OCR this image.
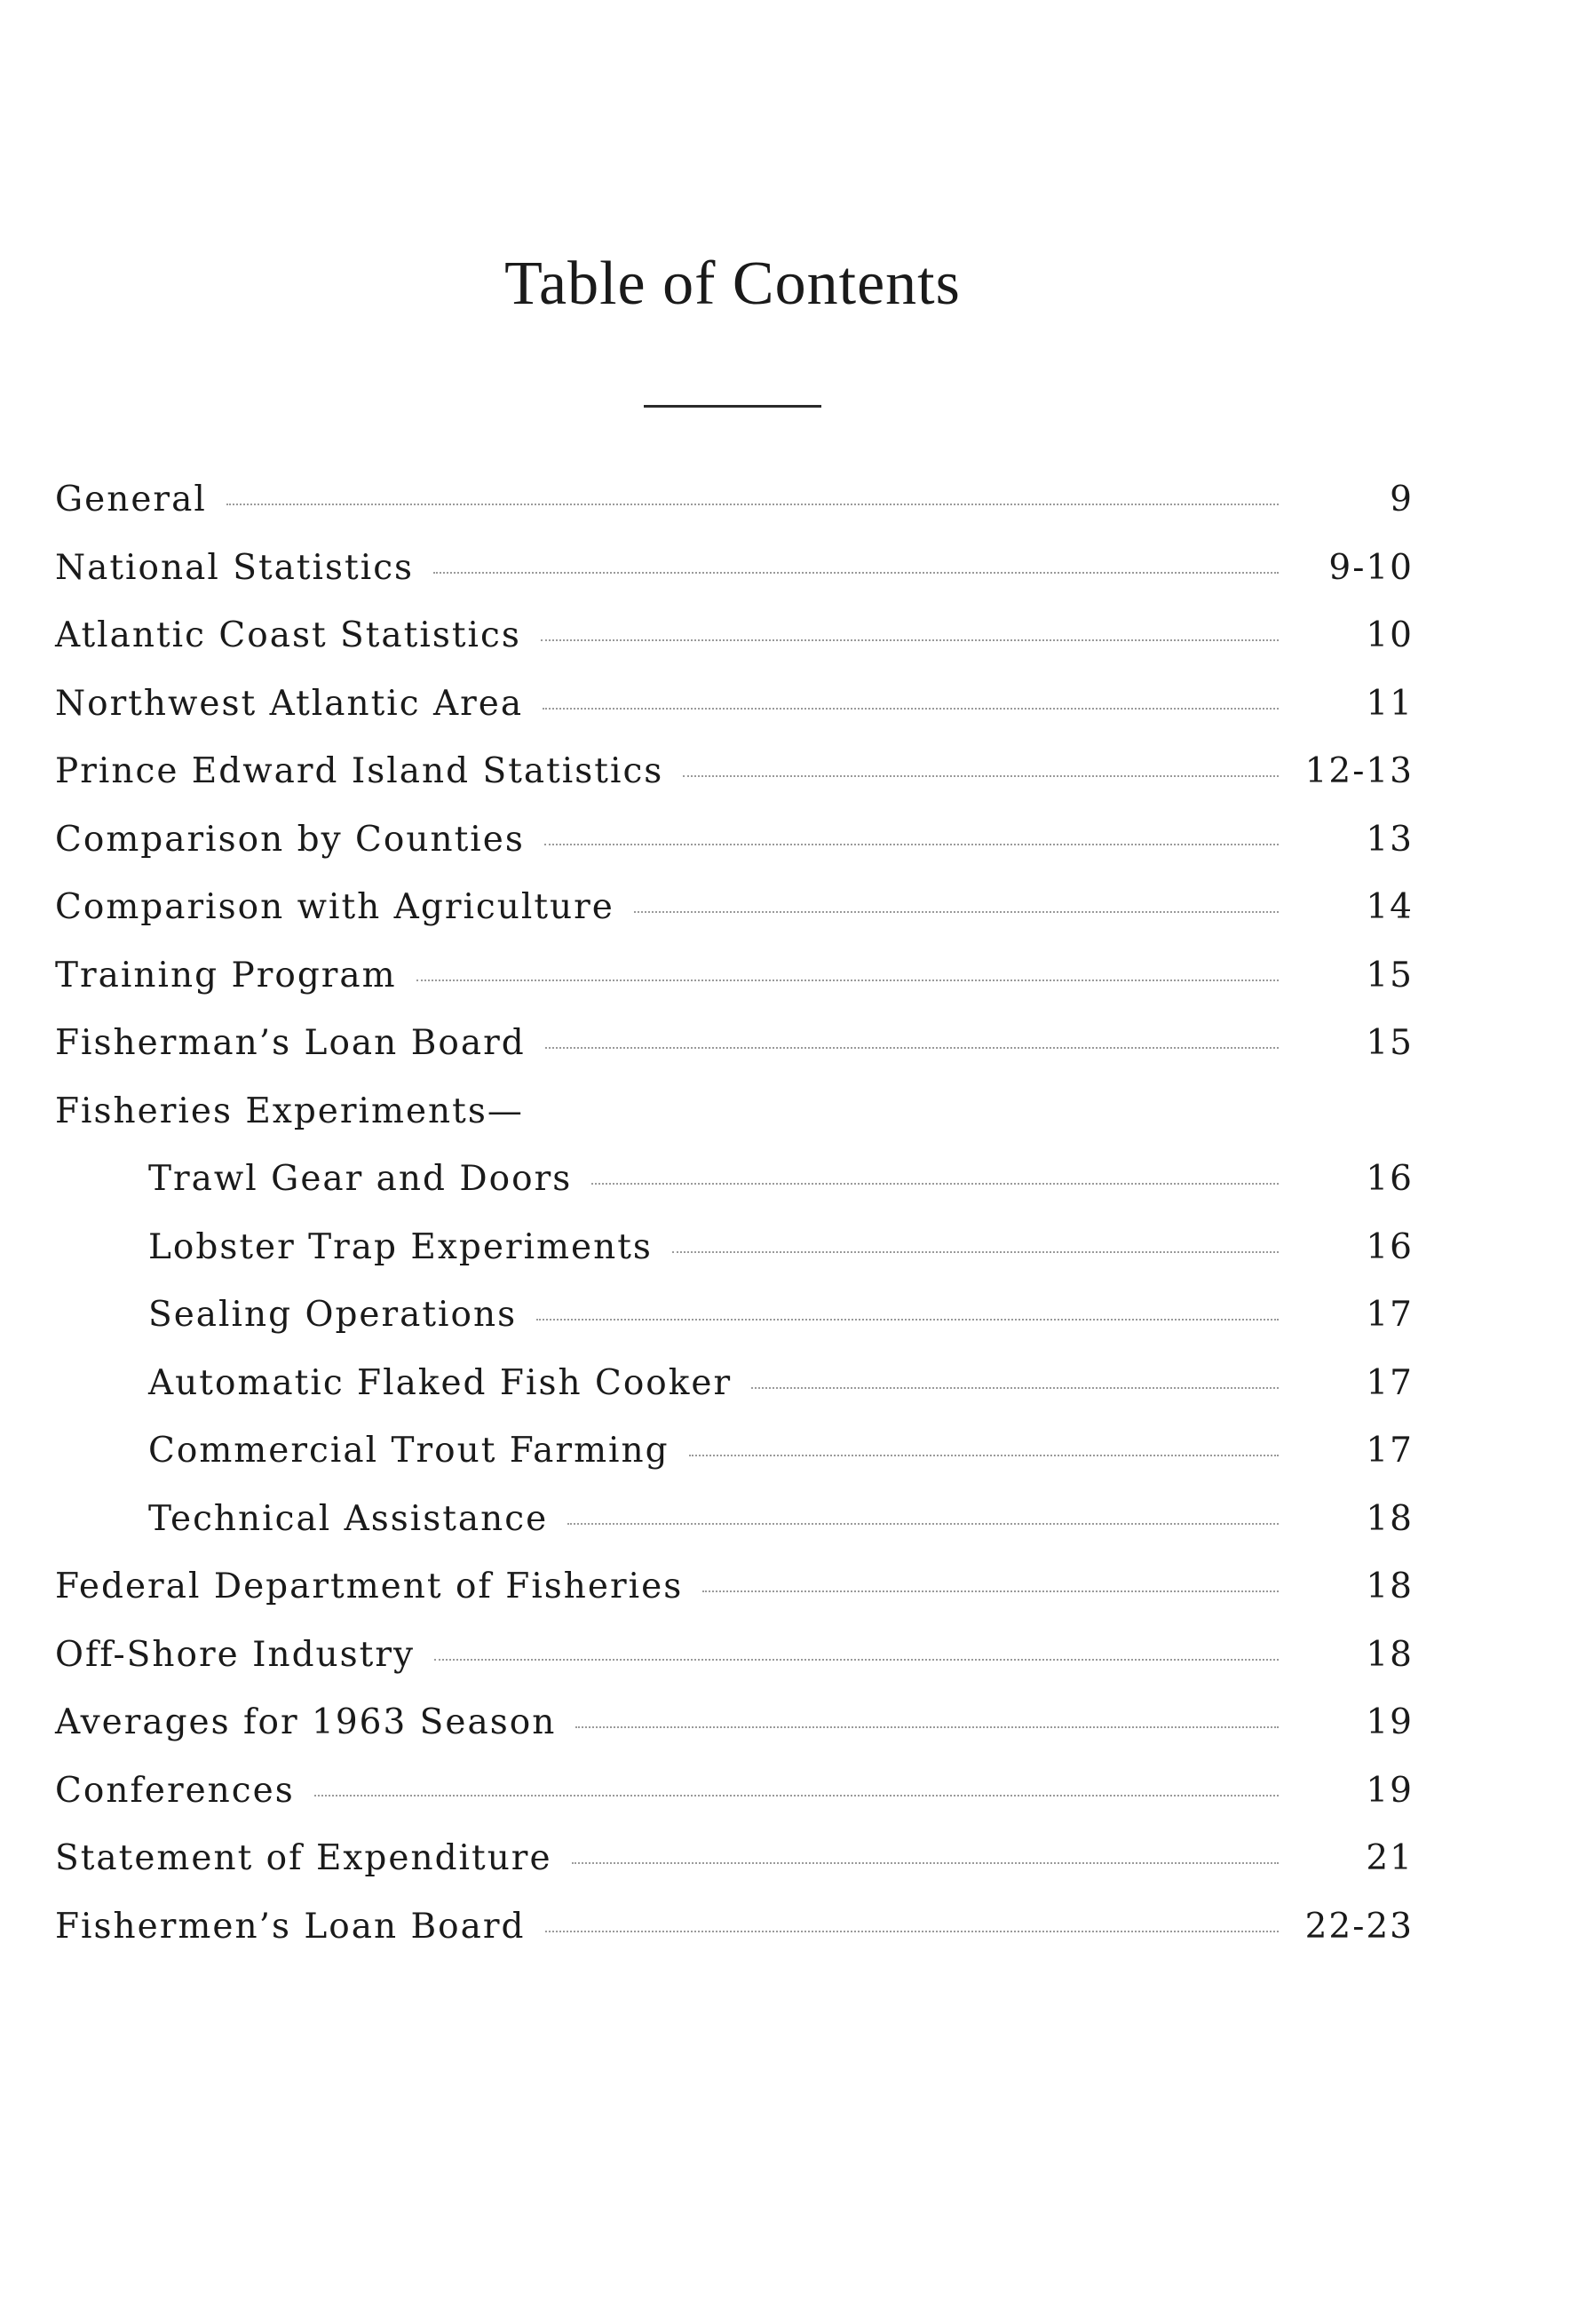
Table of Contents
General	9
National Statistics	9-10
Atlantic Coast Statistics	10
Northwest Atlantic Area	11
Prince Edward Island Statistics	12-13
Comparison by Counties	13
Comparison with Agriculture	14
Training Program	15
Fisherman’s Loan Board	15
Fisheries Experiments—
Trawl Gear and Doors	16
Lobster Trap Experiments	16
Sealing Operations	17
Automatic Flaked Fish Cooker	17
Commercial Trout Farming	17
Technical Assistance	18
Federal Department of Fisheries	18
Off-Shore Industry	18
Averages for 1963 Season	19
Conferences	19
Statement of Expenditure	21
Fishermen’s Loan Board	22-23
